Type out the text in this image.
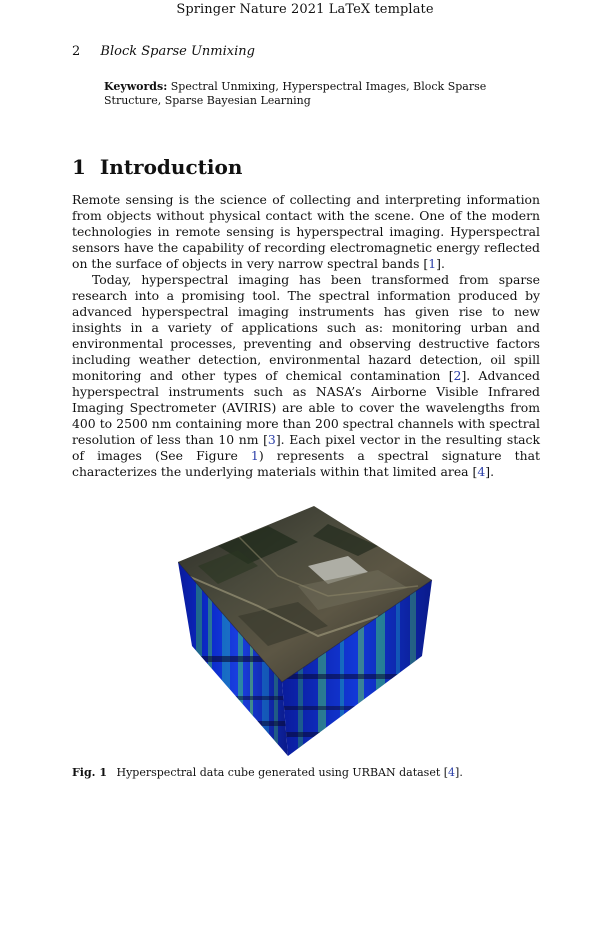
Springer Nature 2021 LaTeX template
2 Block Sparse Unmixing
Keywords: Spectral Unmixing, Hyperspectral Images, Block Sparse Structure, Sparse Bayesian Learning
1 Introduction

Remote sensing is the science of collecting and interpreting information from objects without physical contact with the scene. One of the modern technologies in remote sensing is hyperspectral imaging. Hyperspectral sensors have the capability of recording electromagnetic energy reflected on the surface of objects in very narrow spectral bands [1].

Today, hyperspectral imaging has been transformed from sparse research into a promising tool. The spectral information produced by advanced hyperspectral imaging instruments has given rise to new insights in a variety of applications such as: monitoring urban and environmental processes, preventing and observing destructive factors including weather detection, environmental hazard detection, oil spill monitoring and other types of chemical contamination [2]. Advanced hyperspectral instruments such as NASA’s Airborne Visible Infrared Imaging Spectrometer (AVIRIS) are able to cover the wavelengths from 400 to 2500 nm containing more than 200 spectral channels with spectral resolution of less than 10 nm [3]. Each pixel vector in the resulting stack of images (See Figure 1) represents a spectral signature that characterizes the underlying materials within that limited area [4].

Fig. 1 Hyperspectral data cube generated using URBAN dataset [4].
